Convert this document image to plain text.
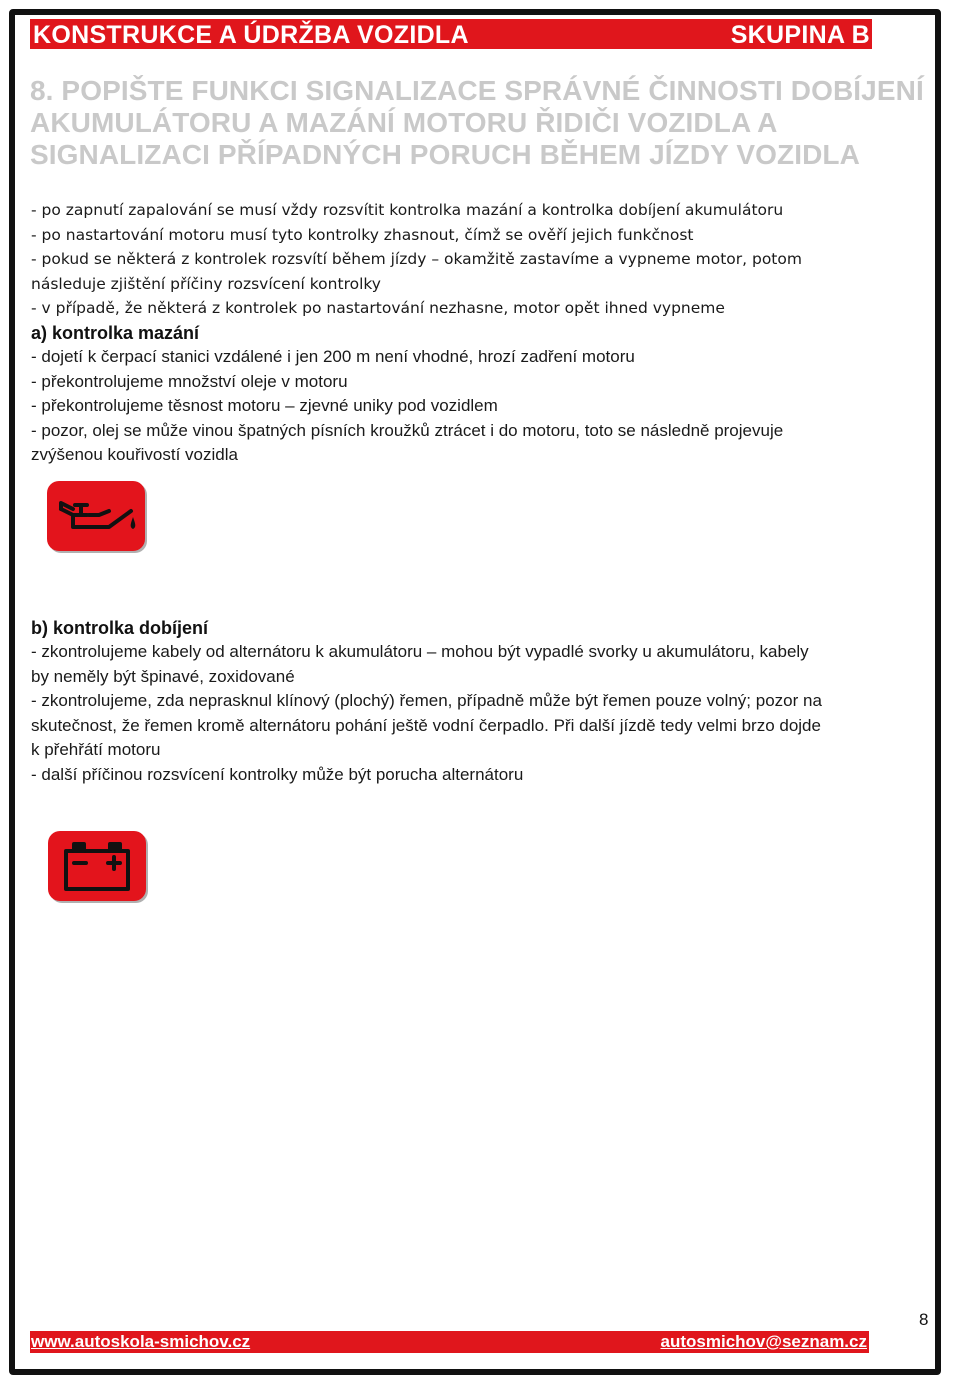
KONSTRUKCE A ÚDRŽBA VOZIDLA	SKUPINA B
8. POPIŠTE FUNKCI SIGNALIZACE SPRÁVNÉ ČINNOSTI DOBÍJENÍ
AKUMULÁTORU A MAZÁNÍ MOTORU ŘIDIČI VOZIDLA A
SIGNALIZACI PŘÍPADNÝCH PORUCH BĚHEM JÍZDY VOZIDLA
- po zapnutí zapalování se musí vždy rozsvítit kontrolka mazání a kontrolka dobíjení akumulátoru
- po nastartování motoru musí tyto kontrolky zhasnout, čímž se ověří jejich funkčnost
- pokud se některá z kontrolek rozsvítí během jízdy – okamžitě zastavíme a vypneme motor, potom
následuje zjištění příčiny rozsvícení kontrolky
- v případě, že některá z kontrolek po nastartování nezhasne, motor opět ihned vypneme
a) kontrolka mazání
- dojetí k čerpací stanici vzdálené i jen 200 m není vhodné, hrozí zadření motoru
- překontrolujeme množství oleje v motoru
- překontrolujeme těsnost motoru – zjevné uniky pod vozidlem
- pozor, olej se může vinou špatných písních kroužků ztrácet i do motoru, toto se následně projevuje
zvýšenou kouřivostí vozidla
b) kontrolka dobíjení
- zkontrolujeme kabely od alternátoru k akumulátoru – mohou být vypadlé svorky u akumulátoru, kabely
by neměly být špinavé, zoxidované
- zkontrolujeme, zda neprasknul klínový (plochý) řemen, případně může být řemen pouze volný; pozor na
skutečnost, že řemen kromě alternátoru pohání ještě vodní čerpadlo. Při další jízdě tedy velmi brzo dojde
k přehřátí motoru
- další příčinou rozsvícení kontrolky může být porucha alternátoru
8
www.autoskola-smichov.cz	autosmichov@seznam.cz
